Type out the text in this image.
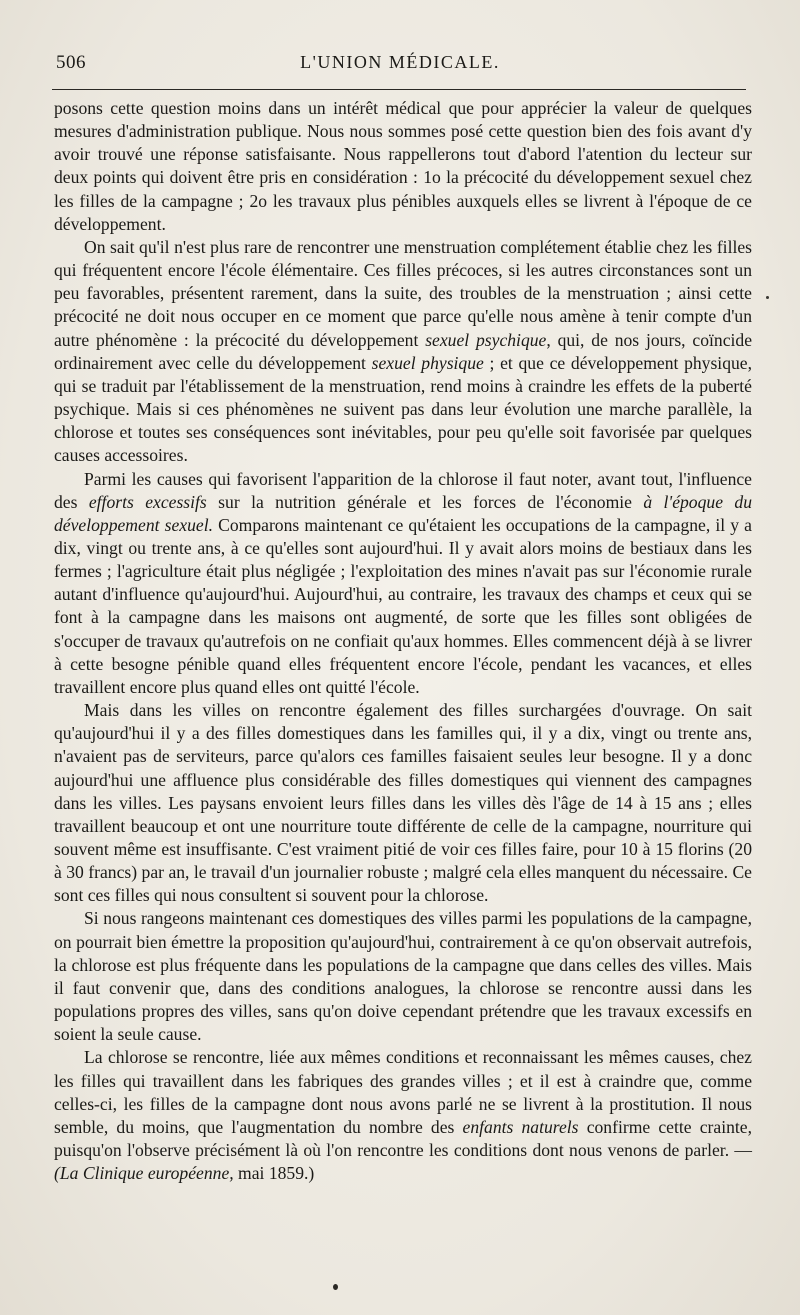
506	L'UNION MÉDICALE.

posons cette question moins dans un intérêt médical que pour apprécier la valeur de quelques mesures d'administration publique. Nous nous sommes posé cette question bien des fois avant d'y avoir trouvé une réponse satisfaisante. Nous rappellerons tout d'abord l'atention du lecteur sur deux points qui doivent être pris en considération : 1o la précocité du développement sexuel chez les filles de la campagne ; 2o les travaux plus pénibles auxquels elles se livrent à l'époque de ce développement.

On sait qu'il n'est plus rare de rencontrer une menstruation complétement établie chez les filles qui fréquentent encore l'école élémentaire. Ces filles précoces, si les autres circonstances sont un peu favorables, présentent rarement, dans la suite, des troubles de la menstruation ; ainsi cette précocité ne doit nous occuper en ce moment que parce qu'elle nous amène à tenir compte d'un autre phénomène : la précocité du développement sexuel psychique, qui, de nos jours, coïncide ordinairement avec celle du développement sexuel physique ; et que ce développement physique, qui se traduit par l'établissement de la menstruation, rend moins à craindre les effets de la puberté psychique. Mais si ces phénomènes ne suivent pas dans leur évolution une marche parallèle, la chlorose et toutes ses conséquences sont inévitables, pour peu qu'elle soit favorisée par quelques causes accessoires.

Parmi les causes qui favorisent l'apparition de la chlorose il faut noter, avant tout, l'influence des efforts excessifs sur la nutrition générale et les forces de l'économie à l'époque du développement sexuel. Comparons maintenant ce qu'étaient les occupations de la campagne, il y a dix, vingt ou trente ans, à ce qu'elles sont aujourd'hui. Il y avait alors moins de bestiaux dans les fermes ; l'agriculture était plus négligée ; l'exploitation des mines n'avait pas sur l'économie rurale autant d'influence qu'aujourd'hui. Aujourd'hui, au contraire, les travaux des champs et ceux qui se font à la campagne dans les maisons ont augmenté, de sorte que les filles sont obligées de s'occuper de travaux qu'autrefois on ne confiait qu'aux hommes. Elles commencent déjà à se livrer à cette besogne pénible quand elles fréquentent encore l'école, pendant les vacances, et elles travaillent encore plus quand elles ont quitté l'école.

Mais dans les villes on rencontre également des filles surchargées d'ouvrage. On sait qu'aujourd'hui il y a des filles domestiques dans les familles qui, il y a dix, vingt ou trente ans, n'avaient pas de serviteurs, parce qu'alors ces familles faisaient seules leur besogne. Il y a donc aujourd'hui une affluence plus considérable des filles domestiques qui viennent des campagnes dans les villes. Les paysans envoient leurs filles dans les villes dès l'âge de 14 à 15 ans ; elles travaillent beaucoup et ont une nourriture toute différente de celle de la campagne, nourriture qui souvent même est insuffisante. C'est vraiment pitié de voir ces filles faire, pour 10 à 15 florins (20 à 30 francs) par an, le travail d'un journalier robuste ; malgré cela elles manquent du nécessaire. Ce sont ces filles qui nous consultent si souvent pour la chlorose.

Si nous rangeons maintenant ces domestiques des villes parmi les populations de la campagne, on pourrait bien émettre la proposition qu'aujourd'hui, contrairement à ce qu'on observait autrefois, la chlorose est plus fréquente dans les populations de la campagne que dans celles des villes. Mais il faut convenir que, dans des conditions analogues, la chlorose se rencontre aussi dans les populations propres des villes, sans qu'on doive cependant prétendre que les travaux excessifs en soient la seule cause.

La chlorose se rencontre, liée aux mêmes conditions et reconnaissant les mêmes causes, chez les filles qui travaillent dans les fabriques des grandes villes ; et il est à craindre que, comme celles-ci, les filles de la campagne dont nous avons parlé ne se livrent à la prostitution. Il nous semble, du moins, que l'augmentation du nombre des enfants naturels confirme cette crainte, puisqu'on l'observe précisément là où l'on rencontre les conditions dont nous venons de parler. — (La Clinique européenne, mai 1859.)
